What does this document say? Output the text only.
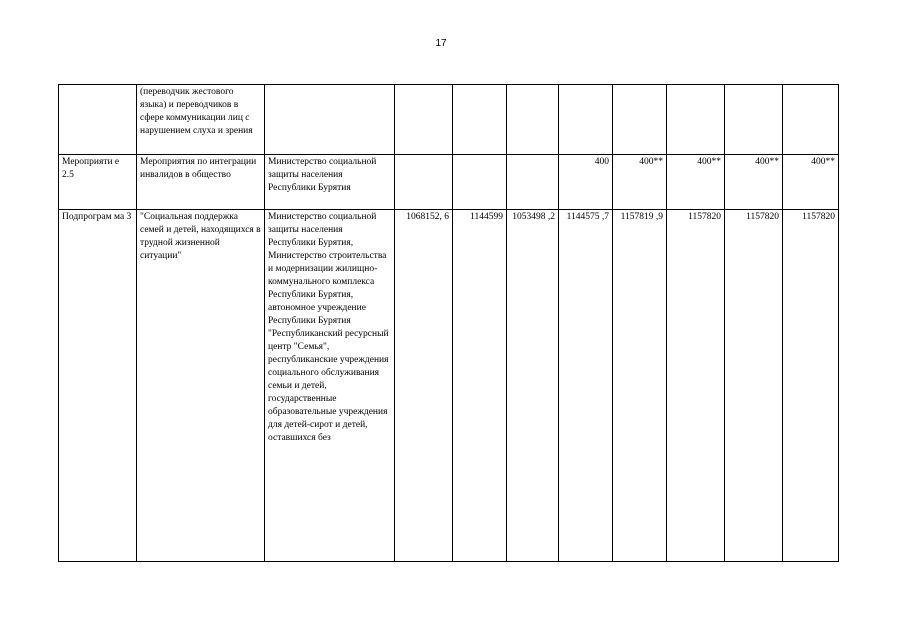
17
	(переводчик жестового языка) и переводчиков в сфере коммуникации лиц с нарушением слуха и зрения									
Мероприяти е 2.5	Мероприятия по интеграции инвалидов в общество	Министерство социальной защиты населения Республики Бурятия				400	400**	400**	400**	400**
Подпрограм ма 3	"Социальная поддержка семей и детей, находящихся в трудной жизненной ситуации"	Министерство социальной защиты населения Республики Бурятия, Министерство строительства и модернизации жилищно-коммунального комплекса Республики Бурятия, автономное учреждение Республики Бурятия "Республиканский ресурсный центр "Семья", республиканские учреждения социального обслуживания семьи и детей, государственные образовательные учреждения для детей-сирот и детей, оставшихся без	1068152, 6	1144599	1053498 ,2	1144575 ,7	1157819 ,9	1157820	1157820	1157820
